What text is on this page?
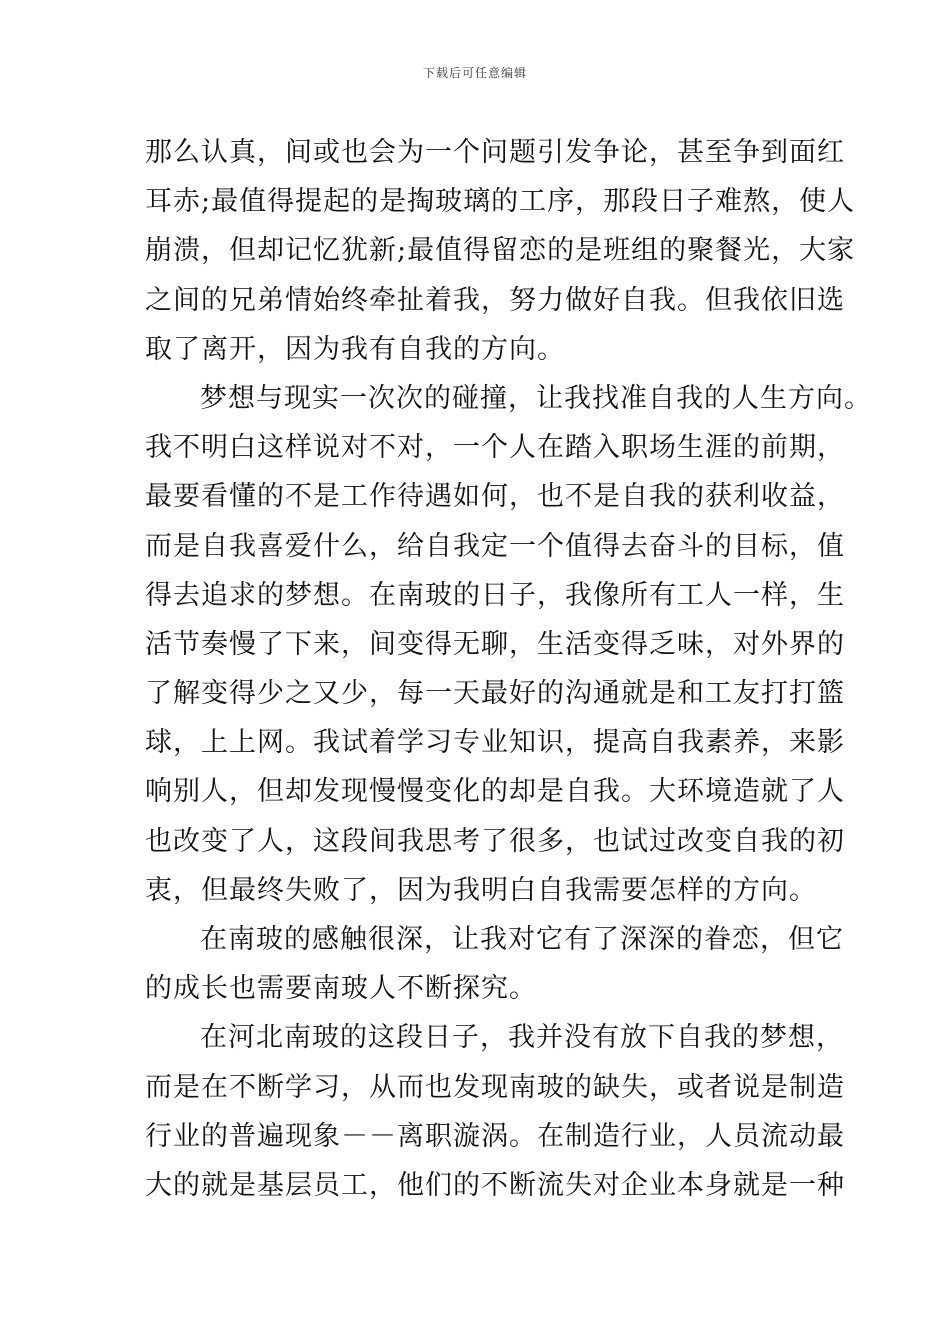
下载后可任意编辑
那么认真，间或也会为一个问题引发争论，甚至争到面红
耳赤;最值得提起的是掏玻璃的工序，那段日子难熬，使人
崩溃，但却记忆犹新;最值得留恋的是班组的聚餐光，大家
之间的兄弟情始终牵扯着我，努力做好自我。但我依旧选
取了离开，因为我有自我的方向。
梦想与现实一次次的碰撞，让我找准自我的人生方向。
我不明白这样说对不对，一个人在踏入职场生涯的前期，
最要看懂的不是工作待遇如何，也不是自我的获利收益，
而是自我喜爱什么，给自我定一个值得去奋斗的目标，值
得去追求的梦想。在南玻的日子，我像所有工人一样，生
活节奏慢了下来，间变得无聊，生活变得乏味，对外界的
了解变得少之又少，每一天最好的沟通就是和工友打打篮
球，上上网。我试着学习专业知识，提高自我素养，来影
响别人，但却发现慢慢变化的却是自我。大环境造就了人
也改变了人，这段间我思考了很多，也试过改变自我的初
衷，但最终失败了，因为我明白自我需要怎样的方向。
在南玻的感触很深，让我对它有了深深的眷恋，但它
的成长也需要南玻人不断探究。
在河北南玻的这段日子，我并没有放下自我的梦想，
而是在不断学习，从而也发现南玻的缺失，或者说是制造
行业的普遍现象－－离职漩涡。在制造行业，人员流动最
大的就是基层员工，他们的不断流失对企业本身就是一种
